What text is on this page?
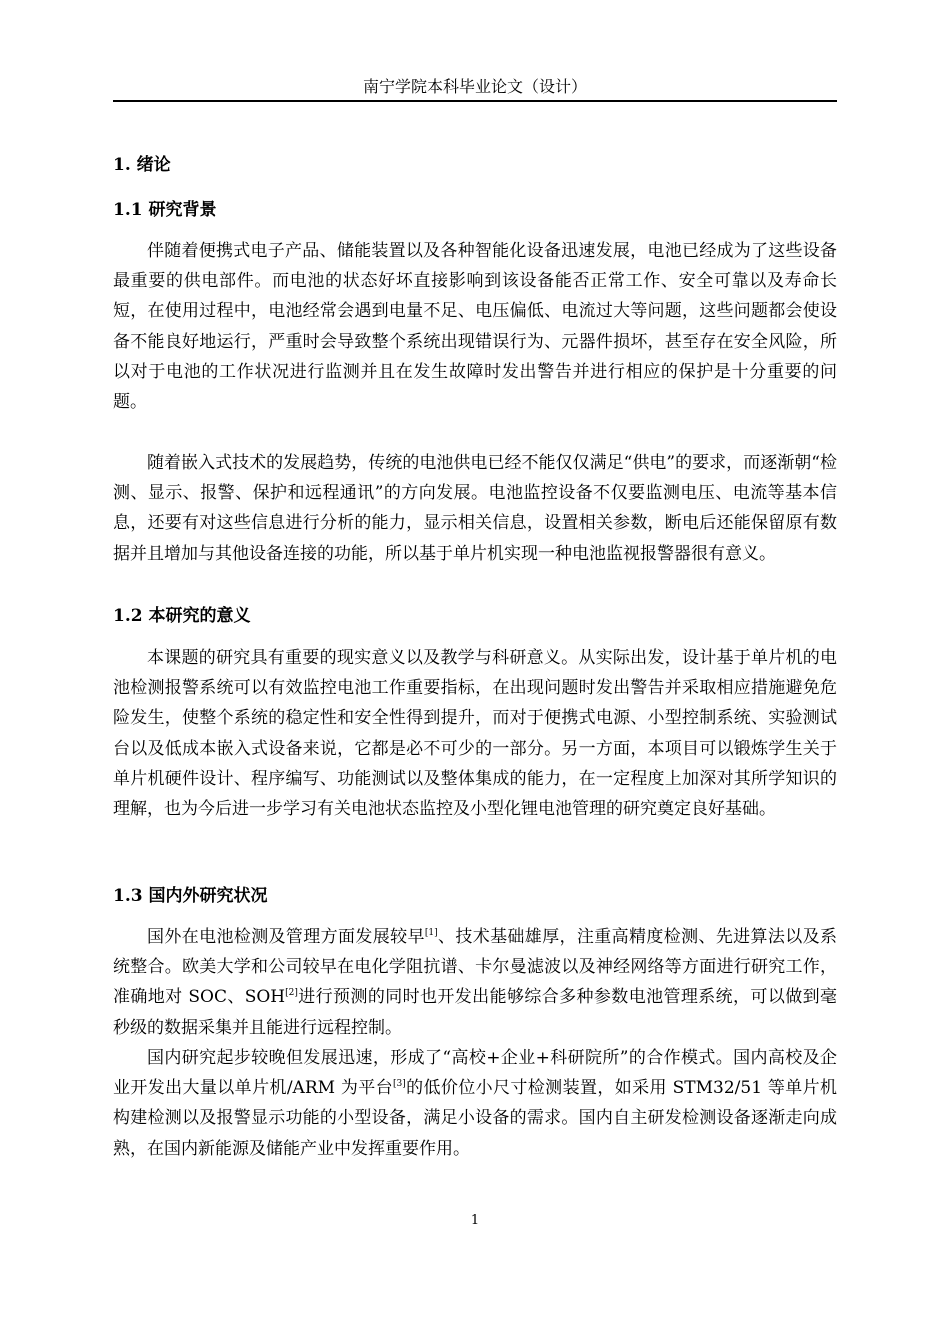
南宁学院本科毕业论文（设计）
1. 绪论
1.1 研究背景

伴随着便携式电子产品、储能装置以及各种智能化设备迅速发展，电池已经成为了这些设备最重要的供电部件。而电池的状态好坏直接影响到该设备能否正常工作、安全可靠以及寿命长短，在使用过程中，电池经常会遇到电量不足、电压偏低、电流过大等问题，这些问题都会使设备不能良好地运行，严重时会导致整个系统出现错误行为、元器件损坏，甚至存在安全风险，所以对于电池的工作状况进行监测并且在发生故障时发出警告并进行相应的保护是十分重要的问题。

随着嵌入式技术的发展趋势，传统的电池供电已经不能仅仅满足“供电”的要求，而逐渐朝“检测、显示、报警、保护和远程通讯”的方向发展。电池监控设备不仅要监测电压、电流等基本信息，还要有对这些信息进行分析的能力，显示相关信息，设置相关参数，断电后还能保留原有数据并且增加与其他设备连接的功能，所以基于单片机实现一种电池监视报警器很有意义。

1.2 本研究的意义

本课题的研究具有重要的现实意义以及教学与科研意义。从实际出发，设计基于单片机的电池检测报警系统可以有效监控电池工作重要指标，在出现问题时发出警告并采取相应措施避免危险发生，使整个系统的稳定性和安全性得到提升，而对于便携式电源、小型控制系统、实验测试台以及低成本嵌入式设备来说，它都是必不可少的一部分。另一方面，本项目可以锻炼学生关于单片机硬件设计、程序编写、功能测试以及整体集成的能力，在一定程度上加深对其所学知识的理解，也为今后进一步学习有关电池状态监控及小型化锂电池管理的研究奠定良好基础。

1.3 国内外研究状况

国外在电池检测及管理方面发展较早[1]、技术基础雄厚，注重高精度检测、先进算法以及系统整合。欧美大学和公司较早在电化学阻抗谱、卡尔曼滤波以及神经网络等方面进行研究工作，准确地对 SOC、SOH[2]进行预测的同时也开发出能够综合多种参数电池管理系统，可以做到毫秒级的数据采集并且能进行远程控制。

国内研究起步较晚但发展迅速，形成了“高校+企业+科研院所”的合作模式。国内高校及企业开发出大量以单片机/ARM 为平台[3]的低价位小尺寸检测装置，如采用 STM32/51 等单片机构建检测以及报警显示功能的小型设备，满足小设备的需求。国内自主研发检测设备逐渐走向成熟，在国内新能源及储能产业中发挥重要作用。

1
